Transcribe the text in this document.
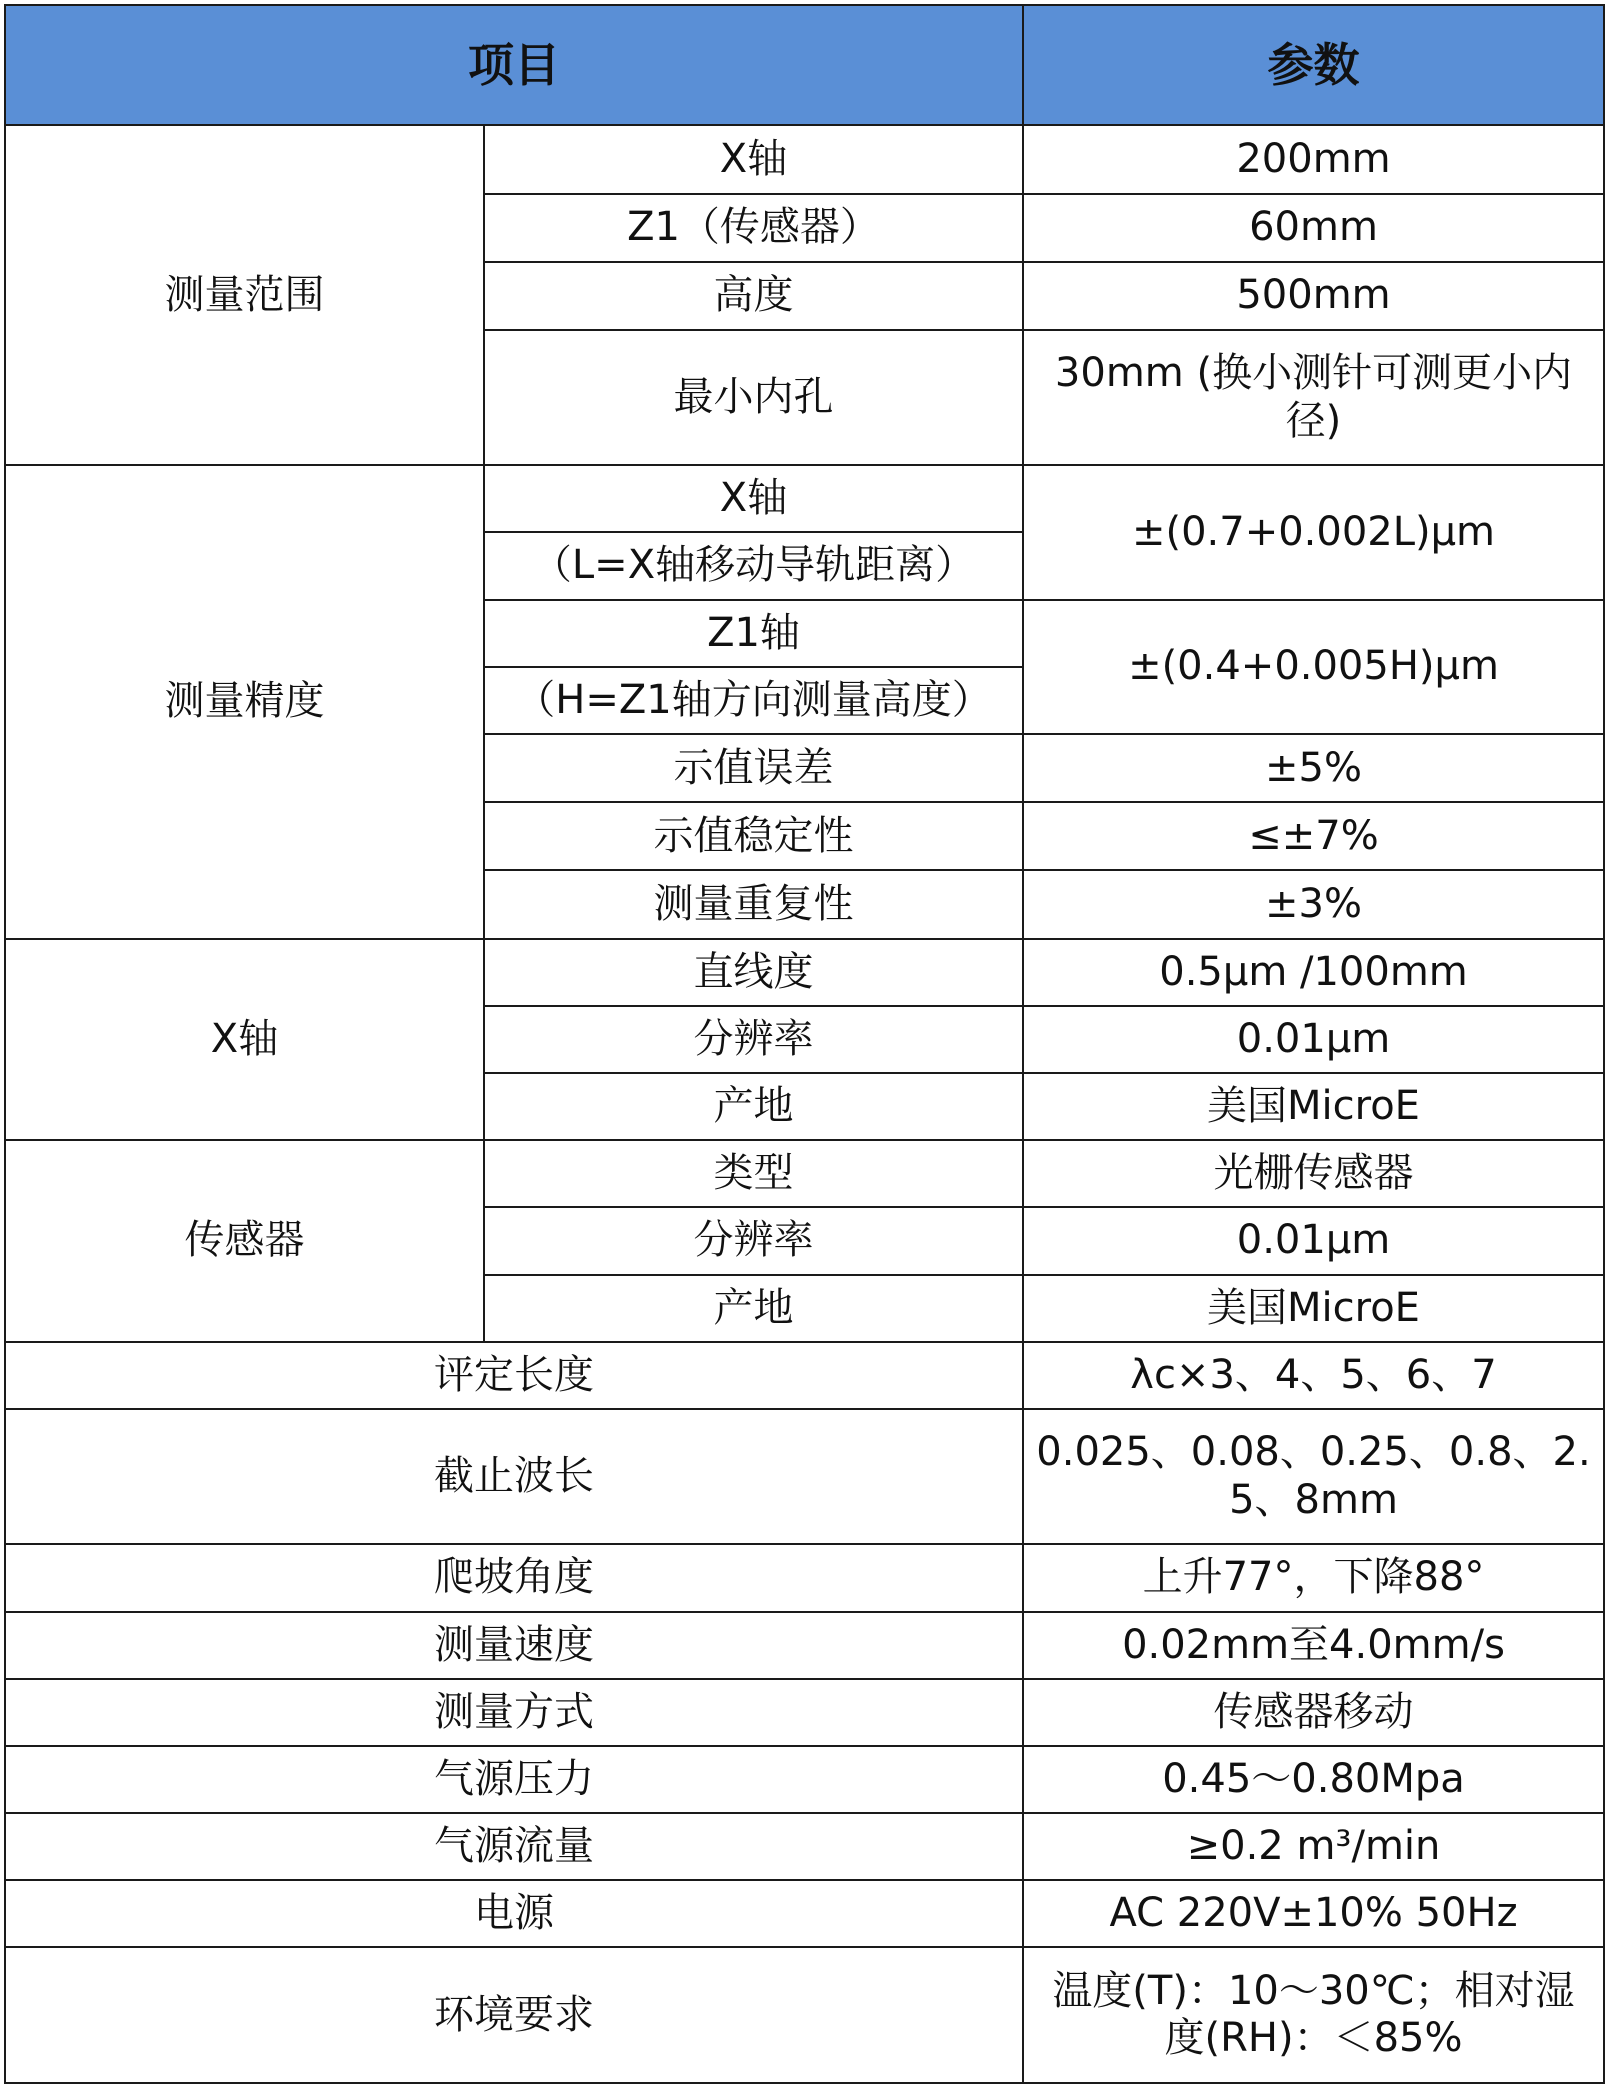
项目		参数
测量范围	X轴	200mm
	Z1（传感器）	60mm
	高度	500mm
	最小内孔	30mm (换小测针可测更小内径)
测量精度	X轴	±(0.7+0.002L)μm
	（L=X轴移动导轨距离）	
	Z1轴	±(0.4+0.005H)μm
	（H=Z1轴方向测量高度）	
	示值误差	±5%
	示值稳定性	≤±7%
	测量重复性	±3%
X轴	直线度	0.5μm /100mm
	分辨率	0.01μm
	产地	美国MicroE
传感器	类型	光栅传感器
	分辨率	0.01μm
	产地	美国MicroE
评定长度		λc×3、4、5、6、7
截止波长		0.025、0.08、0.25、0.8、2.5、8mm
爬坡角度		上升77°，下降88°
测量速度		0.02mm至4.0mm/s
测量方式		传感器移动
气源压力		0.45～0.80Mpa
气源流量		≥0.2 m³/min
电源		AC 220V±10% 50Hz
环境要求		温度(T)：10～30℃；相对湿度(RH)：＜85%
